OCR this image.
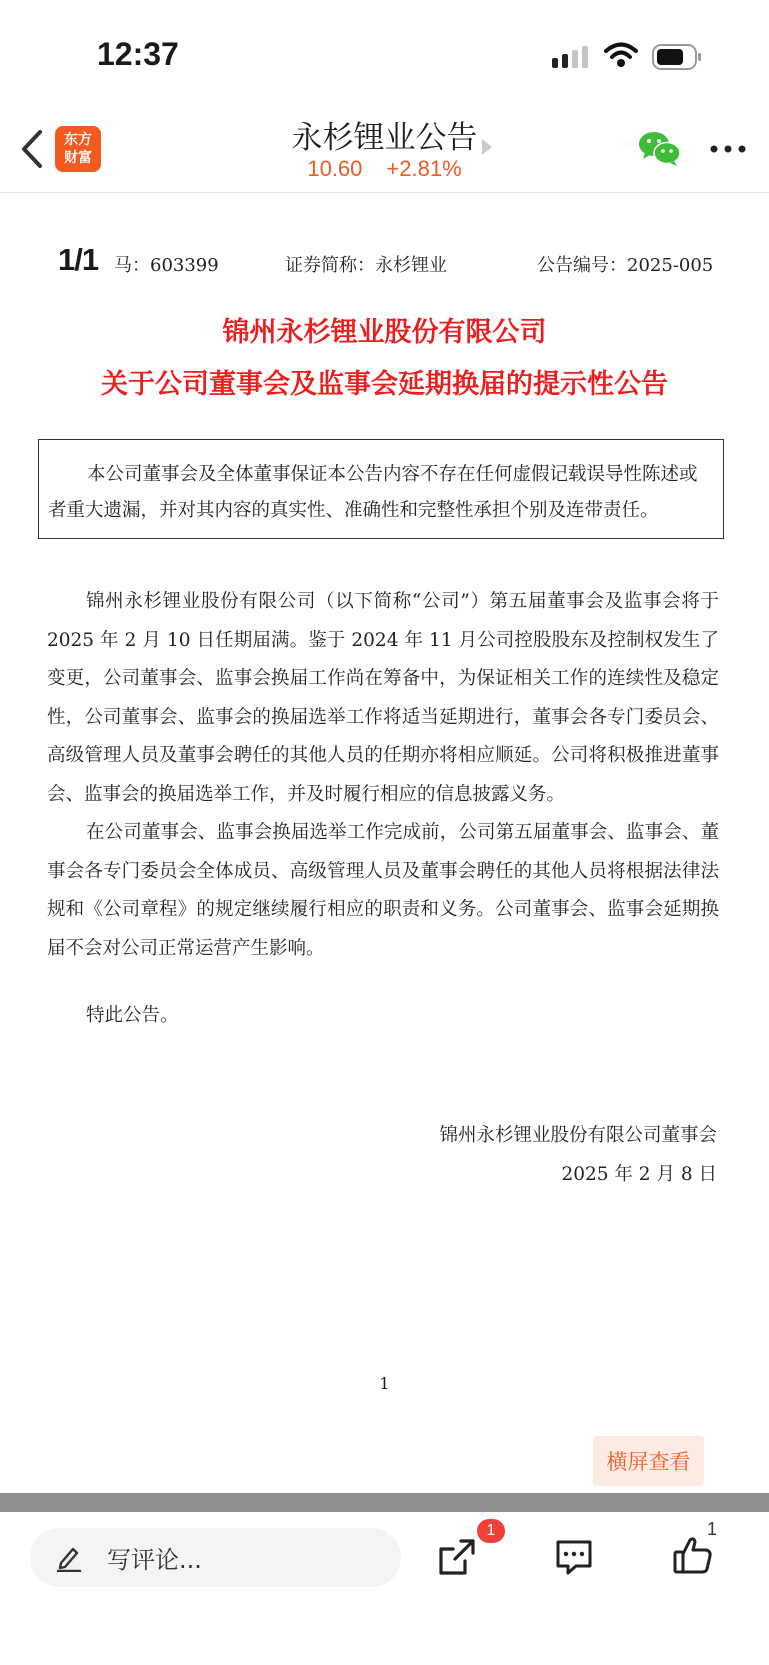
12:37
东方
财富
永杉锂业公告
10.60 +2.81%
1/1 马：603399	证券简称：永杉锂业	公告编号：2025-005
锦州永杉锂业股份有限公司
关于公司董事会及监事会延期换届的提示性公告
本公司董事会及全体董事保证本公告内容不存在任何虚假记载误导性陈述或者重大遗漏，并对其内容的真实性、准确性和完整性承担个别及连带责任。
锦州永杉锂业股份有限公司（以下简称“公司”）第五届董事会及监事会将于 2025 年 2 月 10 日任期届满。鉴于 2024 年 11 月公司控股股东及控制权发生了变更，公司董事会、监事会换届工作尚在筹备中，为保证相关工作的连续性及稳定性，公司董事会、监事会的换届选举工作将适当延期进行，董事会各专门委员会、高级管理人员及董事会聘任的其他人员的任期亦将相应顺延。公司将积极推进董事会、监事会的换届选举工作，并及时履行相应的信息披露义务。
在公司董事会、监事会换届选举工作完成前，公司第五届董事会、监事会、董事会各专门委员会全体成员、高级管理人员及董事会聘任的其他人员将根据法律法规和《公司章程》的规定继续履行相应的职责和义务。公司董事会、监事会延期换届不会对公司正常运营产生影响。
特此公告。
锦州永杉锂业股份有限公司董事会
2025 年 2 月 8 日
1
横屏查看
写评论...
1	1
